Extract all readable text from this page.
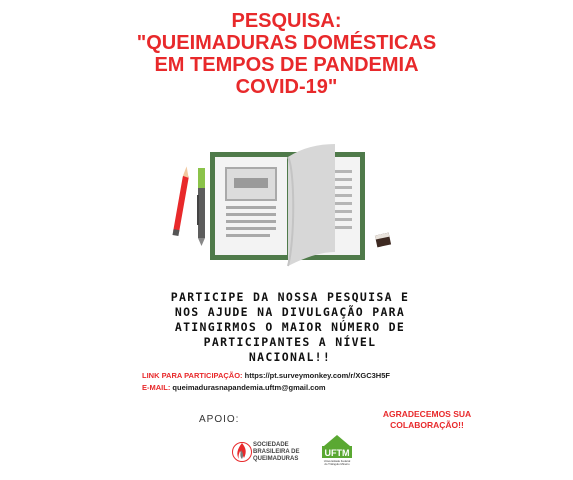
PESQUISA:
"QUEIMADURAS DOMÉSTICAS
EM TEMPOS DE PANDEMIA
COVID-19"
PARTICIPE DA NOSSA PESQUISA E
NOS AJUDE NA DIVULGAÇÃO PARA
ATINGIRMOS O MAIOR NÚMERO DE
PARTICIPANTES A NÍVEL
NACIONAL!!
LINK PARA PARTICIPAÇÃO: https://pt.surveymonkey.com/r/XGC3H5F
E-MAIL: queimadurasnapandemia.uftm@gmail.com
APOIO:	AGRADECEMOS SUA
COLABORAÇÃO!!
SOCIEDADE
BRASILEIRA DE
QUEIMADURAS
UFTM
Universidade Federal
do Triângulo Mineiro
